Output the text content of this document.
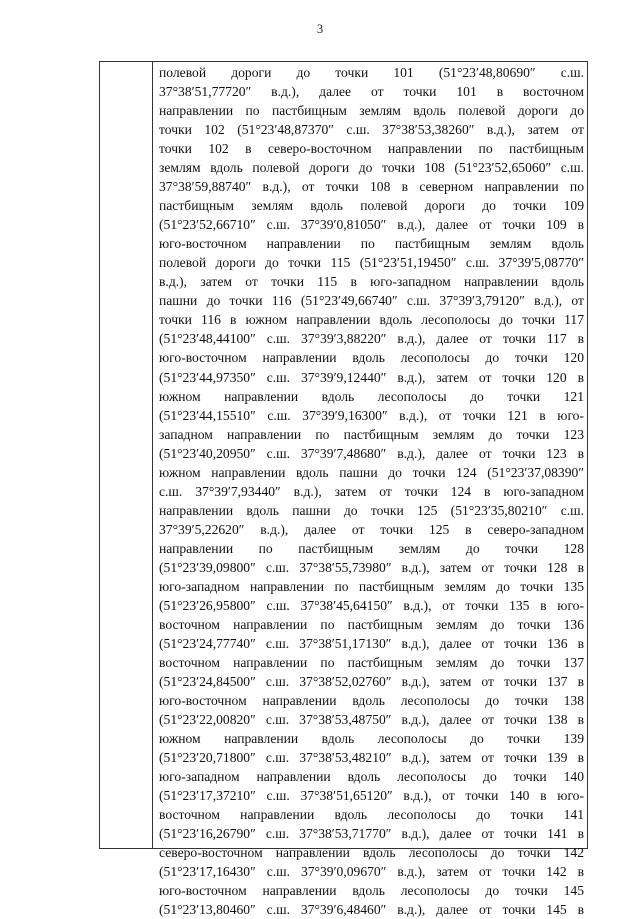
3
полевой дороги до точки 101 (51°23′48,80690″ с.ш.
37°38′51,77720″ в.д.), далее от точки 101 в восточном
направлении по пастбищным землям вдоль полевой дороги до
точки 102 (51°23′48,87370″ с.ш. 37°38′53,38260″ в.д.), затем от
точки 102 в северо-восточном направлении по пастбищным
землям вдоль полевой дороги до точки 108 (51°23′52,65060″ с.ш.
37°38′59,88740″ в.д.), от точки 108 в северном направлении по
пастбищным землям вдоль полевой дороги до точки 109
(51°23′52,66710″ с.ш. 37°39′0,81050″ в.д.), далее от точки 109 в
юго-восточном направлении по пастбищным землям вдоль
полевой дороги до точки 115 (51°23′51,19450″ с.ш. 37°39′5,08770″
в.д.), затем от точки 115 в юго-западном направлении вдоль
пашни до точки 116 (51°23′49,66740″ с.ш. 37°39′3,79120″ в.д.), от
точки 116 в южном направлении вдоль лесополосы до точки 117
(51°23′48,44100″ с.ш. 37°39′3,88220″ в.д.), далее от точки 117 в
юго-восточном направлении вдоль лесополосы до точки 120
(51°23′44,97350″ с.ш. 37°39′9,12440″ в.д.), затем от точки 120 в
южном направлении вдоль лесополосы до точки 121
(51°23′44,15510″ с.ш. 37°39′9,16300″ в.д.), от точки 121 в юго-
западном направлении по пастбищным землям до точки 123
(51°23′40,20950″ с.ш. 37°39′7,48680″ в.д.), далее от точки 123 в
южном направлении вдоль пашни до точки 124 (51°23′37,08390″
с.ш. 37°39′7,93440″ в.д.), затем от точки 124 в юго-западном
направлении вдоль пашни до точки 125 (51°23′35,80210″ с.ш.
37°39′5,22620″ в.д.), далее от точки 125 в северо-западном
направлении по пастбищным землям до точки 128
(51°23′39,09800″ с.ш. 37°38′55,73980″ в.д.), затем от точки 128 в
юго-западном направлении по пастбищным землям до точки 135
(51°23′26,95800″ с.ш. 37°38′45,64150″ в.д.), от точки 135 в юго-
восточном направлении по пастбищным землям до точки 136
(51°23′24,77740″ с.ш. 37°38′51,17130″ в.д.), далее от точки 136 в
восточном направлении по пастбищным землям до точки 137
(51°23′24,84500″ с.ш. 37°38′52,02760″ в.д.), затем от точки 137 в
юго-восточном направлении вдоль лесополосы до точки 138
(51°23′22,00820″ с.ш. 37°38′53,48750″ в.д.), далее от точки 138 в
южном направлении вдоль лесополосы до точки 139
(51°23′20,71800″ с.ш. 37°38′53,48210″ в.д.), затем от точки 139 в
юго-западном направлении вдоль лесополосы до точки 140
(51°23′17,37210″ с.ш. 37°38′51,65120″ в.д.), от точки 140 в юго-
восточном направлении вдоль лесополосы до точки 141
(51°23′16,26790″ с.ш. 37°38′53,71770″ в.д.), далее от точки 141 в
северо-восточном направлении вдоль лесополосы до точки 142
(51°23′17,16430″ с.ш. 37°39′0,09670″ в.д.), затем от точки 142 в
юго-восточном направлении вдоль лесополосы до точки 145
(51°23′13,80460″ с.ш. 37°39′6,48460″ в.д.), далее от точки 145 в
